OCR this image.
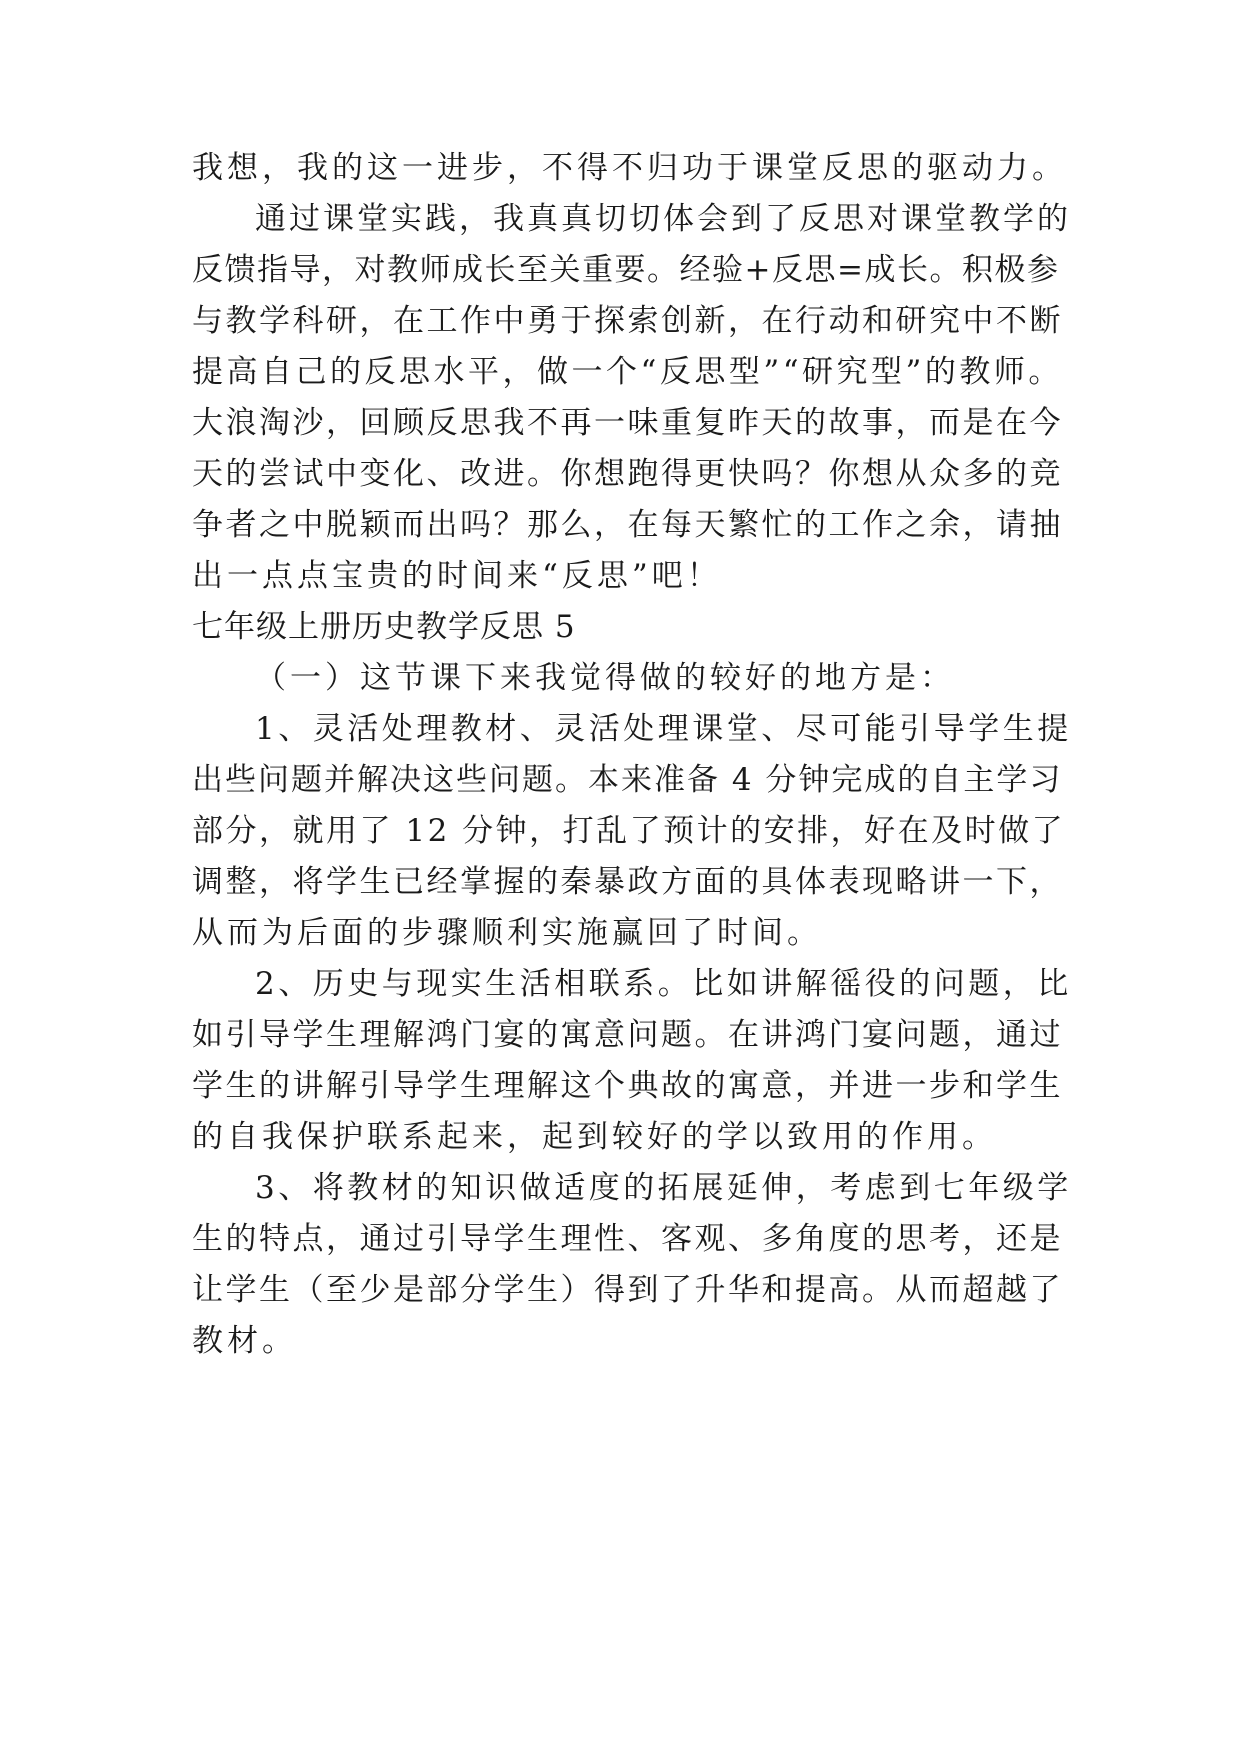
我想，我的这一进步，不得不归功于课堂反思的驱动力。
通过课堂实践，我真真切切体会到了反思对课堂教学的
反馈指导，对教师成长至关重要。经验+反思=成长。积极参
与教学科研，在工作中勇于探索创新，在行动和研究中不断
提高自己的反思水平，做一个“反思型”“研究型”的教师。
大浪淘沙，回顾反思我不再一味重复昨天的故事，而是在今
天的尝试中变化、改进。你想跑得更快吗？你想从众多的竞
争者之中脱颖而出吗？那么，在每天繁忙的工作之余，请抽
出一点点宝贵的时间来“反思”吧！
七年级上册历史教学反思 5
（一）这节课下来我觉得做的较好的地方是：
1、灵活处理教材、灵活处理课堂、尽可能引导学生提
出些问题并解决这些问题。本来准备 4 分钟完成的自主学习
部分，就用了 12 分钟，打乱了预计的安排，好在及时做了
调整，将学生已经掌握的秦暴政方面的具体表现略讲一下，
从而为后面的步骤顺利实施赢回了时间。
2、历史与现实生活相联系。比如讲解徭役的问题，比
如引导学生理解鸿门宴的寓意问题。在讲鸿门宴问题，通过
学生的讲解引导学生理解这个典故的寓意，并进一步和学生
的自我保护联系起来，起到较好的学以致用的作用。
3、将教材的知识做适度的拓展延伸，考虑到七年级学
生的特点，通过引导学生理性、客观、多角度的思考，还是
让学生（至少是部分学生）得到了升华和提高。从而超越了
教材。
